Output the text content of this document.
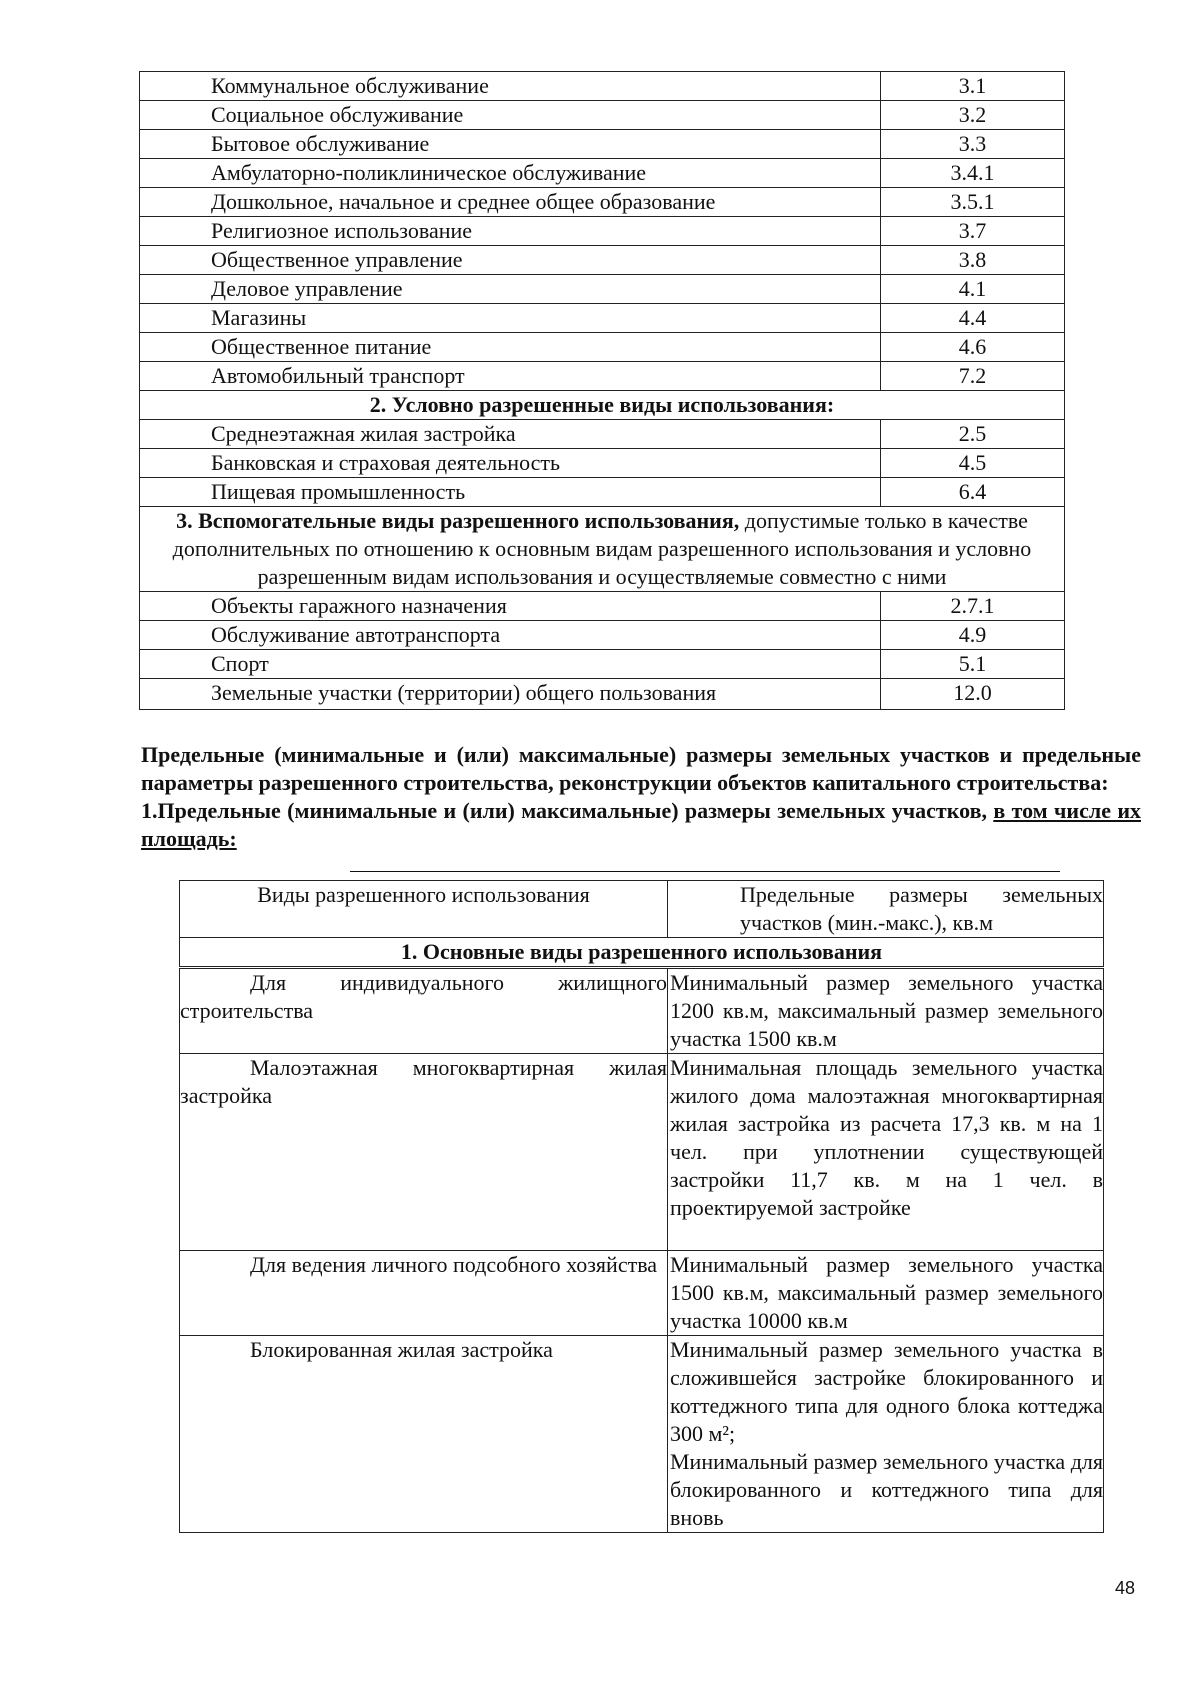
Коммунальное обслуживание	3.1
Социальное обслуживание	3.2
Бытовое обслуживание	3.3
Амбулаторно-поликлиническое обслуживание	3.4.1
Дошкольное, начальное и среднее общее образование	3.5.1
Религиозное использование	3.7
Общественное управление	3.8
Деловое управление	4.1
Магазины	4.4
Общественное питание	4.6
Автомобильный транспорт	7.2
2. Условно разрешенные виды использования:	
Среднеэтажная жилая застройка	2.5
Банковская и страховая деятельность	4.5
Пищевая промышленность	6.4
3. Вспомогательные виды разрешенного использования, допустимые только в качестве дополнительных по отношению к основным видам разрешенного использования и условно разрешенным видам использования и осуществляемые совместно с ними	
Объекты гаражного назначения	2.7.1
Обслуживание автотранспорта	4.9
Спорт	5.1
Земельные участки (территории) общего пользования	12.0

Предельные (минимальные и (или) максимальные) размеры земельных участков и предельные параметры разрешенного строительства, реконструкции объектов капитального строительства:

1.Предельные (минимальные и (или) максимальные) размеры земельных участков, в том числе их площадь:

Виды разрешенного использования	Предельные размеры земельных участков (мин.-макс.), кв.м
1. Основные виды разрешенного использования	

Для индивидуального жилищного строительства	Минимальный размер земельного участка 1200 кв.м, максимальный размер земельного участка 1500 кв.м

Малоэтажная многоквартирная жилая застройка	Минимальная площадь земельного участка жилого дома малоэтажная многоквартирная жилая застройка из расчета 17,3 кв. м на 1 чел. при уплотнении существующей застройки 11,7 кв. м на 1 чел. в проектируемой застройке

Для ведения личного подсобного хозяйства	Минимальный размер земельного участка 1500 кв.м, максимальный размер земельного участка 10000 кв.м

Блокированная жилая застройка	Минимальный размер земельного участка в сложившейся застройке блокированного и коттеджного типа для одного блока коттеджа 300 м²;
Минимальный размер земельного участка для блокированного и коттеджного типа для вновь
48
